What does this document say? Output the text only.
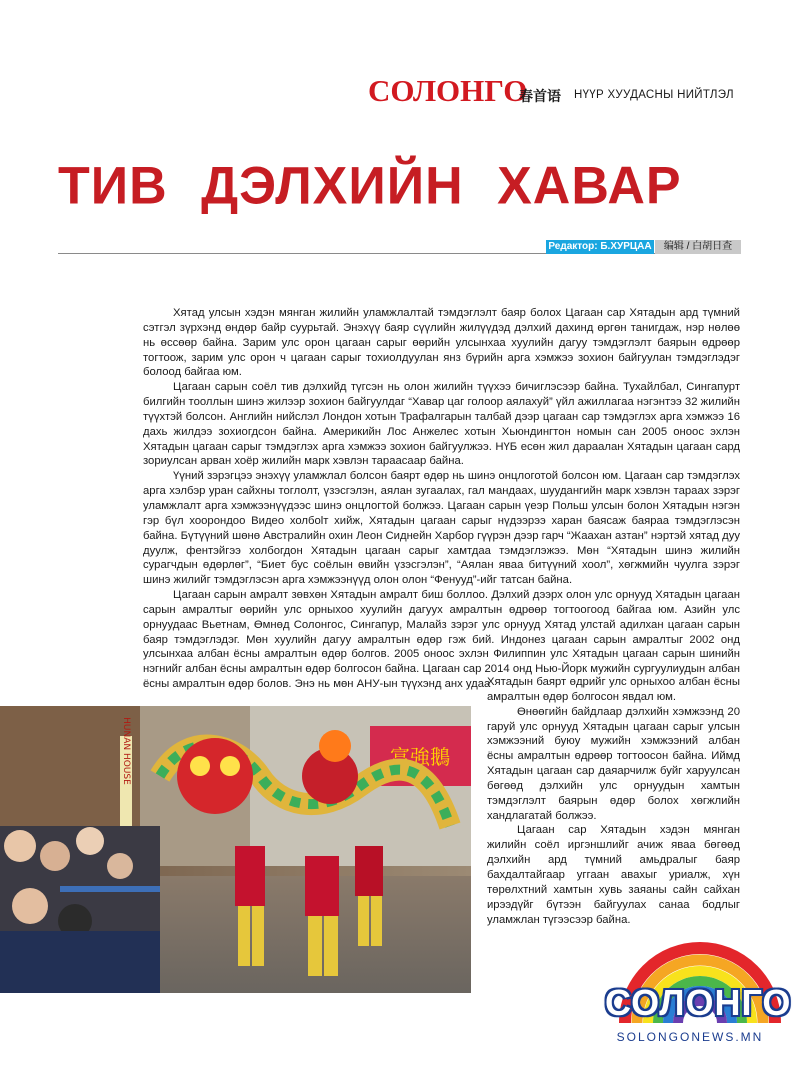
СОЛОНГО
春首语 НҮҮР ХУУДАСНЫ НИЙТЛЭЛ
ТИВ ДЭЛХИЙН ХАВАР
Редактор: Б.ХУРЦАА	编辑 / 白胡日查

Хятад улсын хэдэн мянган жилийн уламжлалтай тэмдэглэлт баяр болох Цагаан сар Хятадын ард түмний сэтгэл зүрхэнд өндөр байр суурьтай. Энэхүү баяр сүүлийн жилүүдэд дэлхий дахинд өргөн танигдаж, нэр нөлөө нь өссөөр байна. Зарим улс орон цагаан сарыг өөрийн улсынхаа хуулийн дагуу тэмдэглэлт баярын өдрөөр тогтоож, зарим улс орон ч цагаан сарыг тохиолдуулан янз бүрийн арга хэмжээ зохион байгуулан тэмдэглэдэг болоод байгаа юм.

Цагаан сарын соёл тив дэлхийд түгсэн нь олон жилийн түүхээ бичиглэсээр байна. Тухайлбал, Сингапурт билгийн тооллын шинэ жилээр зохион байгуулдаг “Хавар цаг голоор аялахуй” үйл ажиллагаа нэгэнтээ 32 жилийн түүхтэй болсон. Английн нийслэл Лондон хотын Трафалгарын талбай дээр цагаан сар тэмдэглэх арга хэмжээ 16 дахь жилдээ зохиогдсон байна. Америкийн Лос Анжелес хотын Хьюндингтон номын сан 2005 оноос эхлэн Хятадын цагаан сарыг тэмдэглэх арга хэмжээ зохион байгуулжээ. НҮБ есөн жил дараалан Хятадын цагаан сард зориулсан арван хоёр жилийн марк хэвлэн тараасаар байна.

Үүний зэрэгцээ энэхүү уламжлал болсон баярт өдөр нь шинэ онцлоготой болсон юм. Цагаан сар тэмдэглэх арга хэлбэр уран сайхны тоглолт, үзэсгэлэн, аялан зугаалах, гал мандаах, шуудангийн марк хэвлэн тараах зэрэг уламжлалт арга хэмжээнүүдээс шинэ онцлогтой болжээ. Цагаан сарын үеэр Польш улсын болон Хятадын нэгэн гэр бүл хоорондоо Видео холбоlт хийж, Хятадын цагаан сарыг нүдээрээ харан баясаж баяраа тэмдэглэсэн байна. Бүтүүний шөнө Австралийн охин Леон Сиднейн Харбор гүүрэн дээр гарч “Жаахан азтан” нэртэй хятад дуу дуулж, фентэйгээ холбогдон Хятадын цагаан сарыг хамтдаа тэмдэглэжээ. Мөн “Хятадын шинэ жилийн сурагчдын өдөрлөг”, “Биет бус соёлын өвийн үзэсгэлэн”, “Аялан яваа битүүний хоол”, хөгжмийн чуулга зэрэг шинэ жилийг тэмдэглэсэн арга хэмжээнүүд олон олон “Фенууд”-ийг татсан байна.

Цагаан сарын амралт зөвхөн Хятадын амралт биш боллоо. Дэлхий дээрх олон улс орнууд Хятадын цагаан сарын амралтыг өөрийн улс орныхоо хуулийн дагуух амралтын өдрөөр тогтоогоод байгаа юм. Азийн улс орнуудаас Вьетнам, Өмнөд Солонгос, Сингапур, Малайз зэрэг улс орнууд Хятад улстай адилхан цагаан сарын баяр тэмдэглэдэг. Мөн хуулийн дагуу амралтын өдөр гэж бий. Индонез цагаан сарын амралтыг 2002 онд улсынхаа албан ёсны амралтын өдөр болгов. 2005 оноос эхлэн Филиппин улс Хятадын цагаан сарын шинийн нэгнийг албан ёсны амралтын өдөр болгосон байна. Цагаан сар 2014 онд Нью-Йорк мужийн сургуулиудын албан ёсны амралтын өдөр болов. Энэ нь мөн АНУ-ын түүхэнд анх удаа

Хятадын баярт өдрийг улс орныхоо албан ёсны амралтын өдөр болгосон явдал юм.

Өнөөгийн байдлаар дэлхийн хэмжээнд 20 гаруй улс орнууд Хятадын цагаан сарыг улсын хэмжээний буюу мужийн хэмжээний албан ёсны амралтын өдрөөр тогтоосон байна. Иймд Хятадын цагаан сар даяарчилж буйг харуулсан бөгөөд дэлхийн улс орнуудын хамтын тэмдэглэлт баярын өдөр болох хөгжлийн хандлагатай болжээ.

Цагаан сар Хятадын хэдэн мянган жилийн соёл иргэншлийг ачиж яваа бөгөөд дэлхийн ард түмний амьдралыг баяр бахдалтайгаар уггаан авахыг уриалж, хүн төрөлхтний хамтын хувь заяаны сайн сайхан ирээдүйг бүтээн байгуулах санаа бодлыг уламжлан түгээсээр байна.

HUNAN HOUSE	富強鵝
СОЛОНГО
SOLONGONEWS.MN
